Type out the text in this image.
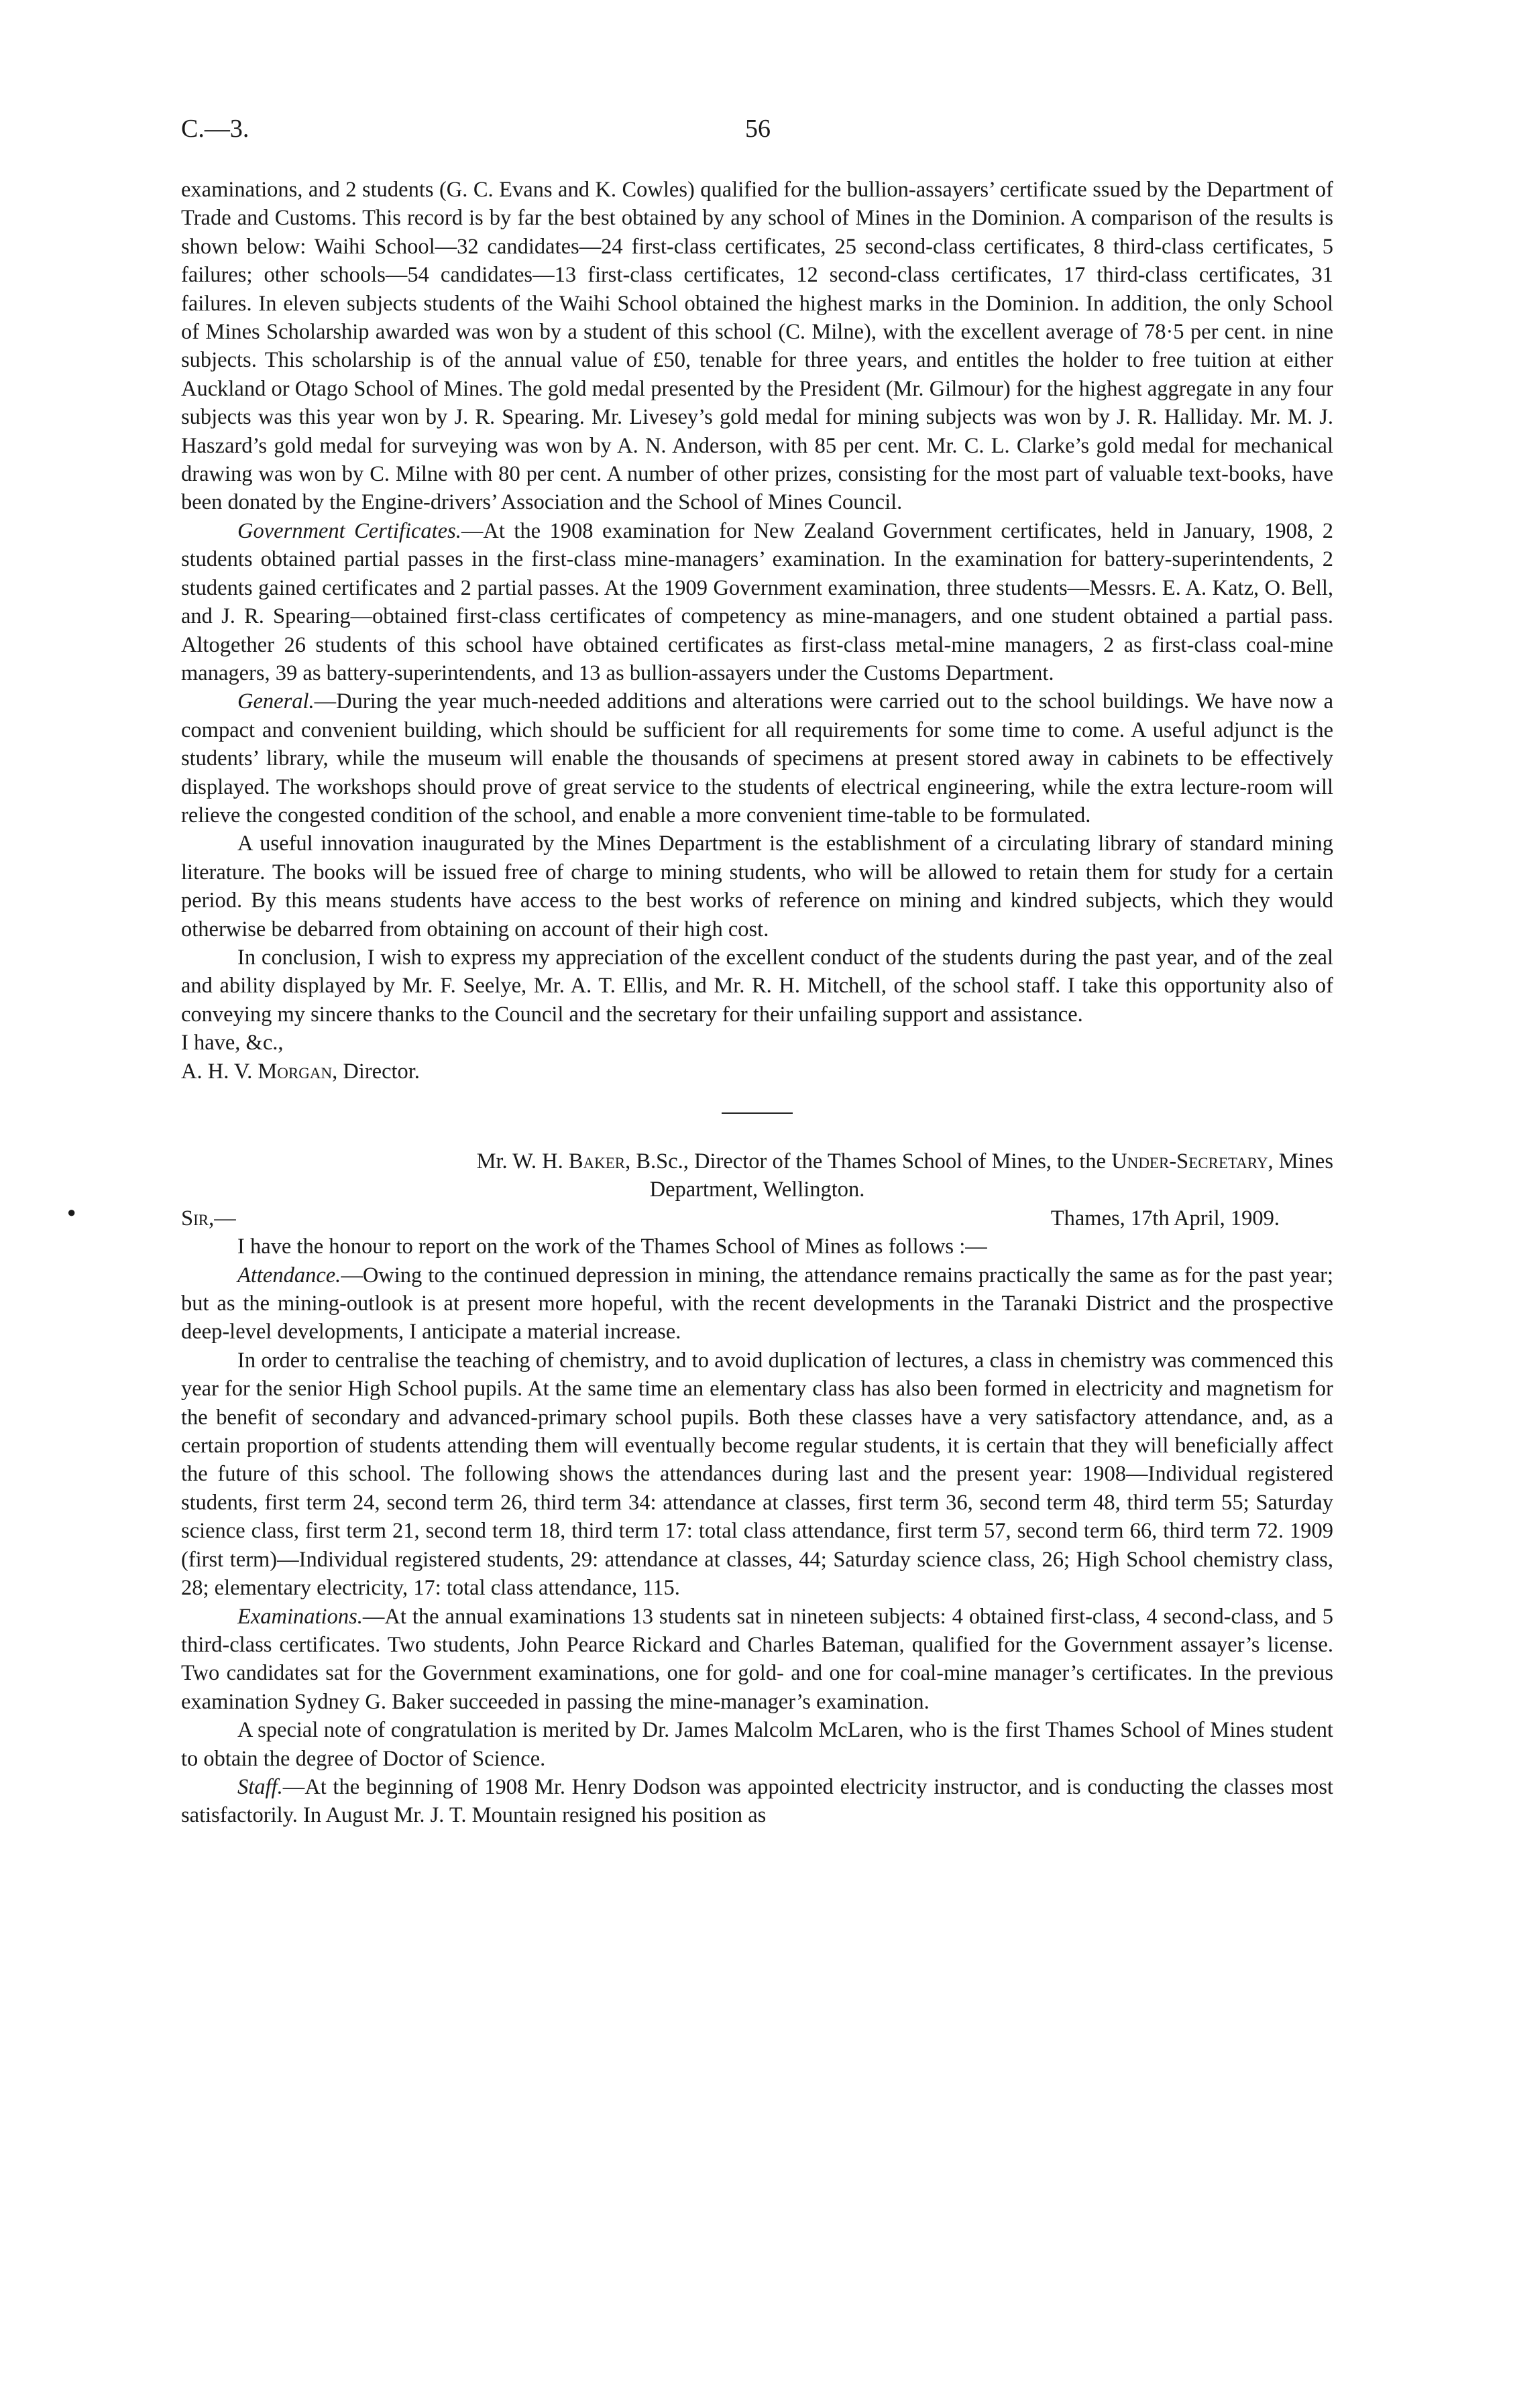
56
C.—3.
●

examinations, and 2 students (G. C. Evans and K. Cowles) qualified for the bullion-assayers’ certificate ssued by the Department of Trade and Customs. This record is by far the best obtained by any school of Mines in the Dominion. A comparison of the results is shown below: Waihi School—32 candidates—24 first-class certificates, 25 second-class certificates, 8 third-class certificates, 5 failures; other schools—54 candidates—13 first-class certificates, 12 second-class certificates, 17 third-class certificates, 31 failures. In eleven subjects students of the Waihi School obtained the highest marks in the Dominion. In addition, the only School of Mines Scholarship awarded was won by a student of this school (C. Milne), with the excellent average of 78·5 per cent. in nine subjects. This scholarship is of the annual value of £50, tenable for three years, and entitles the holder to free tuition at either Auckland or Otago School of Mines. The gold medal presented by the President (Mr. Gilmour) for the highest aggregate in any four subjects was this year won by J. R. Spearing. Mr. Livesey’s gold medal for mining subjects was won by J. R. Halliday. Mr. M. J. Haszard’s gold medal for surveying was won by A. N. Anderson, with 85 per cent. Mr. C. L. Clarke’s gold medal for mechanical drawing was won by C. Milne with 80 per cent. A number of other prizes, consisting for the most part of valuable text-books, have been donated by the Engine-drivers’ Association and the School of Mines Council.

Government Certificates.—At the 1908 examination for New Zealand Government certificates, held in January, 1908, 2 students obtained partial passes in the first-class mine-managers’ examination. In the examination for battery-superintendents, 2 students gained certificates and 2 partial passes. At the 1909 Government examination, three students—Messrs. E. A. Katz, O. Bell, and J. R. Spearing—obtained first-class certificates of competency as mine-managers, and one student obtained a partial pass. Altogether 26 students of this school have obtained certificates as first-class metal-mine managers, 2 as first-class coal-mine managers, 39 as battery-superintendents, and 13 as bullion-assayers under the Customs Department.

General.—During the year much-needed additions and alterations were carried out to the school buildings. We have now a compact and convenient building, which should be sufficient for all requirements for some time to come. A useful adjunct is the students’ library, while the museum will enable the thousands of specimens at present stored away in cabinets to be effectively displayed. The workshops should prove of great service to the students of electrical engineering, while the extra lecture-room will relieve the congested condition of the school, and enable a more convenient time-table to be formulated.

A useful innovation inaugurated by the Mines Department is the establishment of a circulating library of standard mining literature. The books will be issued free of charge to mining students, who will be allowed to retain them for study for a certain period. By this means students have access to the best works of reference on mining and kindred subjects, which they would otherwise be debarred from obtaining on account of their high cost.

In conclusion, I wish to express my appreciation of the excellent conduct of the students during the past year, and of the zeal and ability displayed by Mr. F. Seelye, Mr. A. T. Ellis, and Mr. R. H. Mitchell, of the school staff. I take this opportunity also of conveying my sincere thanks to the Council and the secretary for their unfailing support and assistance.

I have, &c.,

A. H. V. Morgan, Director.

Mr. W. H. Baker, B.Sc., Director of the Thames School of Mines, to the Under-Secretary, Mines

Department, Wellington.

Sir,—	Thames, 17th April, 1909.

I have the honour to report on the work of the Thames School of Mines as follows :—

Attendance.—Owing to the continued depression in mining, the attendance remains practically the same as for the past year; but as the mining-outlook is at present more hopeful, with the recent developments in the Taranaki District and the prospective deep-level developments, I anticipate a material increase.

In order to centralise the teaching of chemistry, and to avoid duplication of lectures, a class in chemistry was commenced this year for the senior High School pupils. At the same time an elementary class has also been formed in electricity and magnetism for the benefit of secondary and advanced-primary school pupils. Both these classes have a very satisfactory attendance, and, as a certain proportion of students attending them will eventually become regular students, it is certain that they will beneficially affect the future of this school. The following shows the attendances during last and the present year: 1908—Individual registered students, first term 24, second term 26, third term 34: attendance at classes, first term 36, second term 48, third term 55; Saturday science class, first term 21, second term 18, third term 17: total class attendance, first term 57, second term 66, third term 72. 1909 (first term)—Individual registered students, 29: attendance at classes, 44; Saturday science class, 26; High School chemistry class, 28; elementary electricity, 17: total class attendance, 115.

Examinations.—At the annual examinations 13 students sat in nineteen subjects: 4 obtained first-class, 4 second-class, and 5 third-class certificates. Two students, John Pearce Rickard and Charles Bateman, qualified for the Government assayer’s license. Two candidates sat for the Government examinations, one for gold- and one for coal-mine manager’s certificates. In the previous examination Sydney G. Baker succeeded in passing the mine-manager’s examination.

A special note of congratulation is merited by Dr. James Malcolm McLaren, who is the first Thames School of Mines student to obtain the degree of Doctor of Science.

Staff.—At the beginning of 1908 Mr. Henry Dodson was appointed electricity instructor, and is conducting the classes most satisfactorily. In August Mr. J. T. Mountain resigned his position as
